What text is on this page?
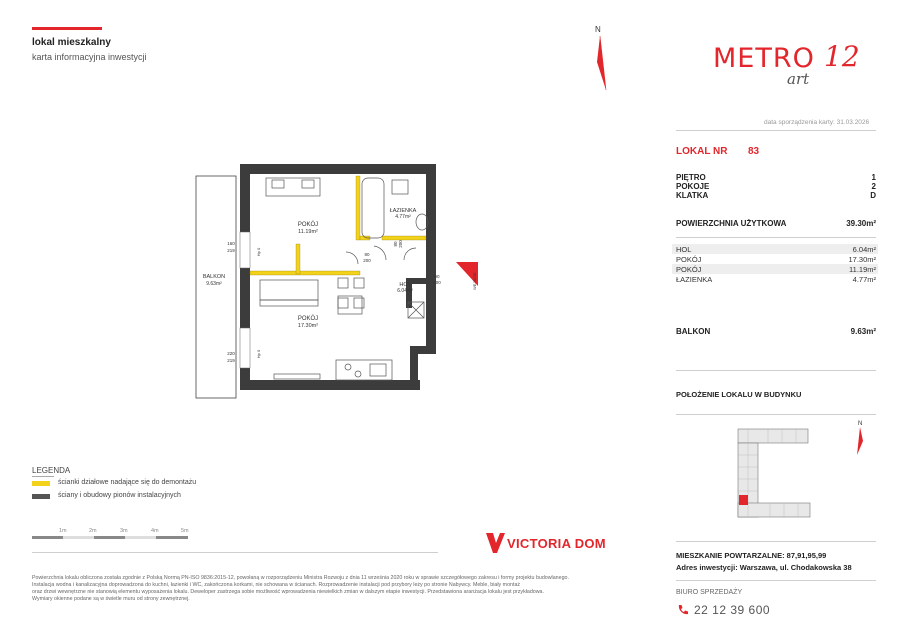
lokal mieszkalny
karta informacyjna inwestycji
N
METRO
art
12
data sporządzenia karty: 31.03.2026
LOKAL NR 83
PIĘTRO	1
POKOJE	2
KLATKA	D
POWIERZCHNIA UŻYTKOWA	39.30m²
HOL	6.04m²
POKÓJ	17.30m²
POKÓJ	11.19m²
ŁAZIENKA	4.77m²
BALKON	9.63m²
POŁOŻENIE LOKALU W BUDYNKU
N
MIESZKANIE POWTARZALNE: 87,91,95,99
Adres inwestycji: Warszawa, ul. Chodakowska 38
BIURO SPRZEDAŻY
22 12 39 600
WEJŚCIE
POKÓJ
11.19m²
POKÓJ
17.30m²
ŁAZIENKA
4.77m²
HOL
6.04m²
BALKON
9.63m²
80
200
80 200
90
200
160
219
220
219
Hp 0
Hp 0
LEGENDA
ścianki działowe nadające się do demontażu
ściany i obudowy pionów instalacyjnych
1m	2m	3m	4m	5m
VICTORIA DOM
Powierzchnia lokalu obliczona została zgodnie z Polską Normą PN-ISO 9836:2015-12, powołaną w rozporządzeniu Ministra Rozwoju z dnia 11 września 2020 roku w sprawie szczegółowego zakresu i formy projektu budowlanego.
Instalacja wodna i kanalizacyjna doprowadzona do kuchni, łazienki i WC, zakończona korkami, nie schowana w ścianach. Rozprowadzenie instalacji pod przybory leży po stronie Nabywcy. Meble, biały montaż
oraz drzwi wewnętrzne nie stanowią elementu wyposażenia lokalu. Deweloper zastrzega sobie możliwość wprowadzenia niewielkich zmian w dalszym etapie inwestycji. Przedstawiona aranżacja lokalu jest przykładowa.
Wymiary okienne podane są w świetle muru od strony zewnętrznej.
